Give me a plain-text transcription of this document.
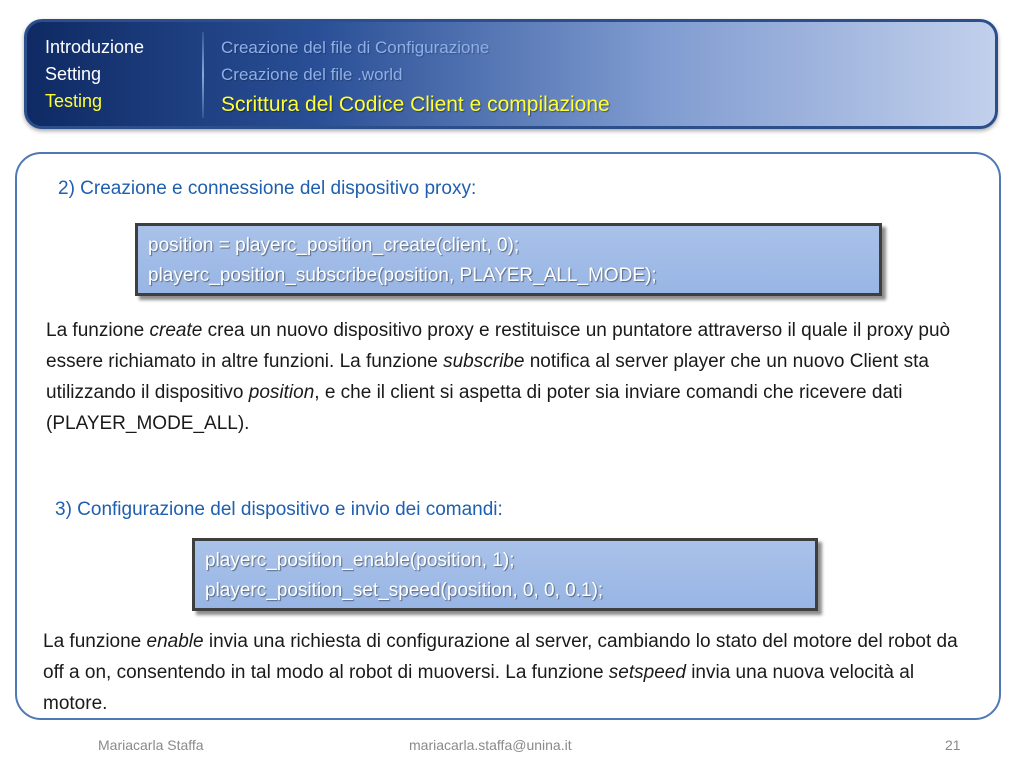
Introduzione
Setting
Testing
Creazione del file di Configurazione
Creazione del file .world
Scrittura del Codice Client e compilazione
2) Creazione e connessione del dispositivo proxy:
position = playerc_position_create(client, 0);
playerc_position_subscribe(position, PLAYER_ALL_MODE);
La funzione create crea un nuovo dispositivo proxy e restituisce un puntatore attraverso il quale il proxy può essere richiamato in altre funzioni. La funzione subscribe notifica al server player che un nuovo Client sta utilizzando il dispositivo position, e che il client si aspetta di poter sia inviare comandi che ricevere dati (PLAYER_MODE_ALL).
3) Configurazione del dispositivo e invio dei comandi:
playerc_position_enable(position, 1);
playerc_position_set_speed(position, 0, 0, 0.1);
La funzione enable invia una richiesta di configurazione al server, cambiando lo stato del motore del robot da off a on, consentendo in tal modo al robot di muoversi. La funzione setspeed invia una nuova velocità al motore.
Mariacarla Staffa	mariacarla.staffa@unina.it	21
